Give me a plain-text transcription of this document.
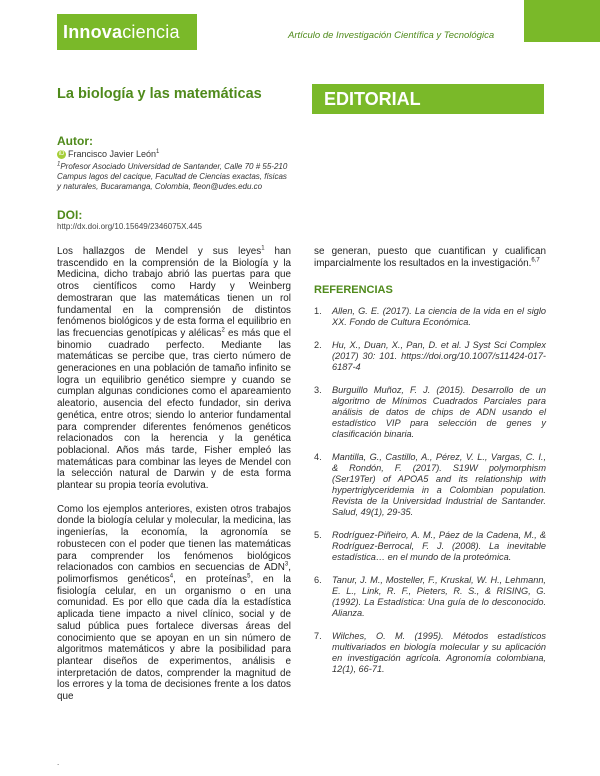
Innovaciencia	Artículo de Investigación Científica y Tecnológica
La biología y las matemáticas	EDITORIAL
Autor:
iD Francisco Javier León$^1$
$^1$Profesor Asociado Universidad de Santander, Calle 70 # 55-210 Campus lagos del cacique, Facultad de Ciencias exactas, físicas y naturales, Bucaramanga, Colombia, fleon@udes.edu.co
DOI:
http://dx.doi.org/10.15649/2346075X.445

Los hallazgos de Mendel y sus leyes$^1$ han trascendido en la comprensión de la Biología y la Medicina, dicho trabajo abrió las puertas para que otros científicos como Hardy y Weinberg demostraran que las matemáticas tienen un rol fundamental en la comprensión de distintos fenómenos biológicos y de esta forma el equilibrio en las frecuencias genotípicas y alélicas$^2$ es más que el binomio cuadrado perfecto. Mediante las matemáticas se percibe que, tras cierto número de generaciones en una población de tamaño infinito se logra un equilibrio genético siempre y cuando se cumplan algunas condiciones como el apareamiento aleatorio, ausencia del efecto fundador, sin deriva genética, entre otros; siendo lo anterior fundamental para comprender diferentes fenómenos genéticos relacionados con la herencia y la genética poblacional. Años más tarde, Fisher empleó las matemáticas para combinar las leyes de Mendel con la selección natural de Darwin y de esta forma plantear su propia teoría evolutiva.

Como los ejemplos anteriores, existen otros trabajos donde la biología celular y molecular, la medicina, las ingenierías, la economía, la agronomía se robustecen con el poder que tienen las matemáticas para comprender los fenómenos biológicos relacionados con cambios en secuencias de ADN$^3$, polimorfismos genéticos$^4$, en proteínas$^5$, en la fisiología celular, en un organismo o en una comunidad. Es por ello que cada día la estadística aplicada tiene impacto a nivel clínico, social y de salud pública pues fortalece diversas áreas del conocimiento que se apoyan en un sin número de algoritmos matemáticos y abre la posibilidad para plantear diseños de experimentos, análisis e interpretación de datos, comprender la magnitud de los errores y la toma de decisiones frente a los datos que

se generan, puesto que cuantifican y cualifican imparcialmente los resultados en la investigación.$^{6,7}$
REFERENCIAS
1. Allen, G. E. (2017). La ciencia de la vida en el siglo XX. Fondo de Cultura Económica.
2. Hu, X., Duan, X., Pan, D. et al. J Syst Sci Complex (2017) 30: 101. https://doi.org/10.1007/s11424-017-6187-4
3. Burguillo Muñoz, F. J. (2015). Desarrollo de un algoritmo de Mínimos Cuadrados Parciales para análisis de datos de chips de ADN usando el estadístico VIP para selección de genes y clasificación binaria.
4. Mantilla, G., Castillo, A., Pérez, V. L., Vargas, C. I., & Rondón, F. (2017). S19W polymorphism (Ser19Ter) of APOA5 and its relationship with hypertriglyceridemia in a Colombian population. Revista de la Universidad Industrial de Santander. Salud, 49(1), 29-35.
5. Rodríguez-Piñeiro, A. M., Páez de la Cadena, M., & Rodríguez-Berrocal, F. J. (2008). La inevitable estadística… en el mundo de la proteómica.
6. Tanur, J. M., Mosteller, F., Kruskal, W. H., Lehmann, E. L., Link, R. F., Pieters, R. S., & RISING, G. (1992). La Estadística: Una guía de lo desconocido. Alianza.
7. Wilches, O. M. (1995). Métodos estadísticos multivariados en biología molecular y su aplicación en investigación agrícola. Agronomía colombiana, 12(1), 66-71.
.
